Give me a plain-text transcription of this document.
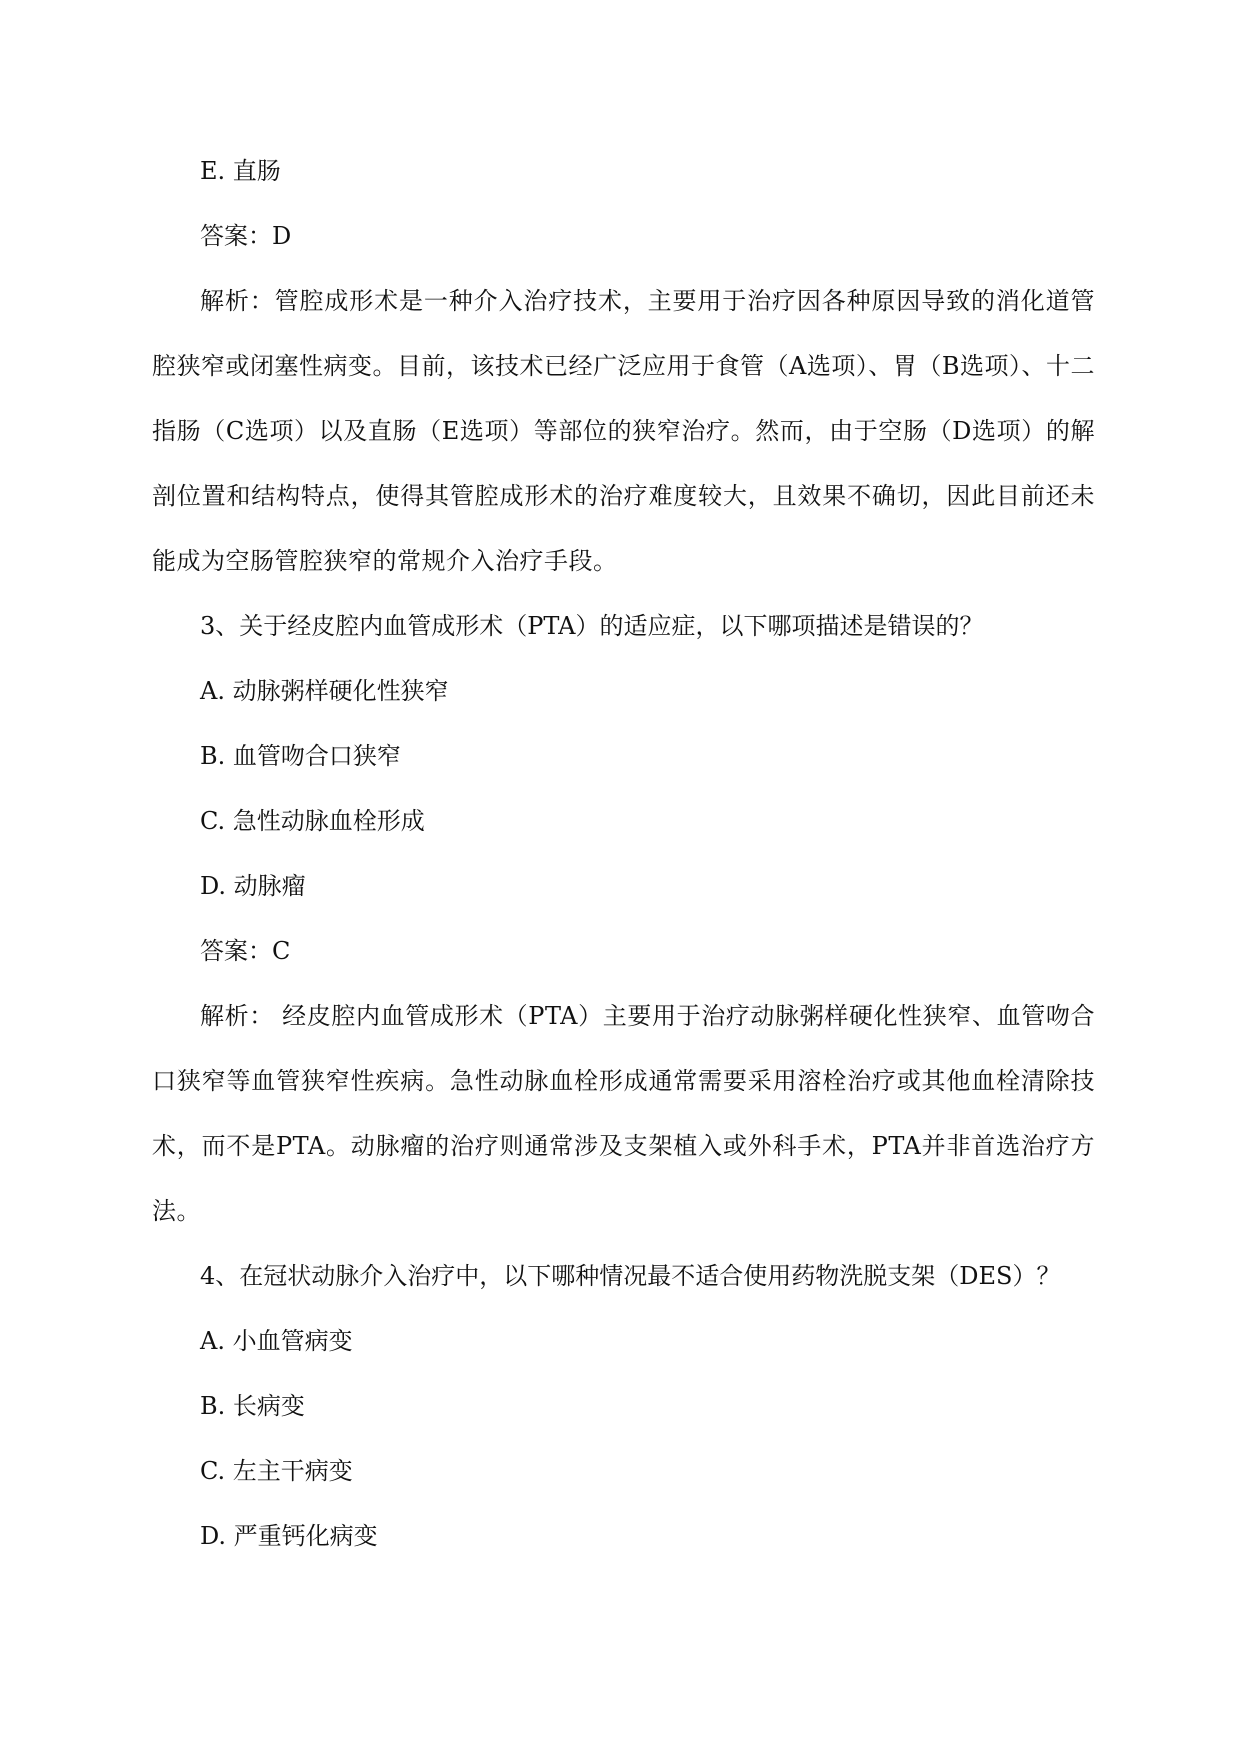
E. 直肠
答案：D

解析：管腔成形术是一种介入治疗技术，主要用于治疗因各种原因导致的消化道管腔狭窄或闭塞性病变。目前，该技术已经广泛应用于食管（A选项）、胃（B选项）、十二指肠（C选项）以及直肠（E选项）等部位的狭窄治疗。然而，由于空肠（D选项）的解剖位置和结构特点，使得其管腔成形术的治疗难度较大，且效果不确切，因此目前还未能成为空肠管腔狭窄的常规介入治疗手段。

3、关于经皮腔内血管成形术（PTA）的适应症，以下哪项描述是错误的？
A. 动脉粥样硬化性狭窄
B. 血管吻合口狭窄
C. 急性动脉血栓形成
D. 动脉瘤
答案：C

解析： 经皮腔内血管成形术（PTA）主要用于治疗动脉粥样硬化性狭窄、血管吻合口狭窄等血管狭窄性疾病。急性动脉血栓形成通常需要采用溶栓治疗或其他血栓清除技术，而不是PTA。动脉瘤的治疗则通常涉及支架植入或外科手术，PTA并非首选治疗方法。

4、在冠状动脉介入治疗中，以下哪种情况最不适合使用药物洗脱支架（DES）？
A. 小血管病变
B. 长病变
C. 左主干病变
D. 严重钙化病变
